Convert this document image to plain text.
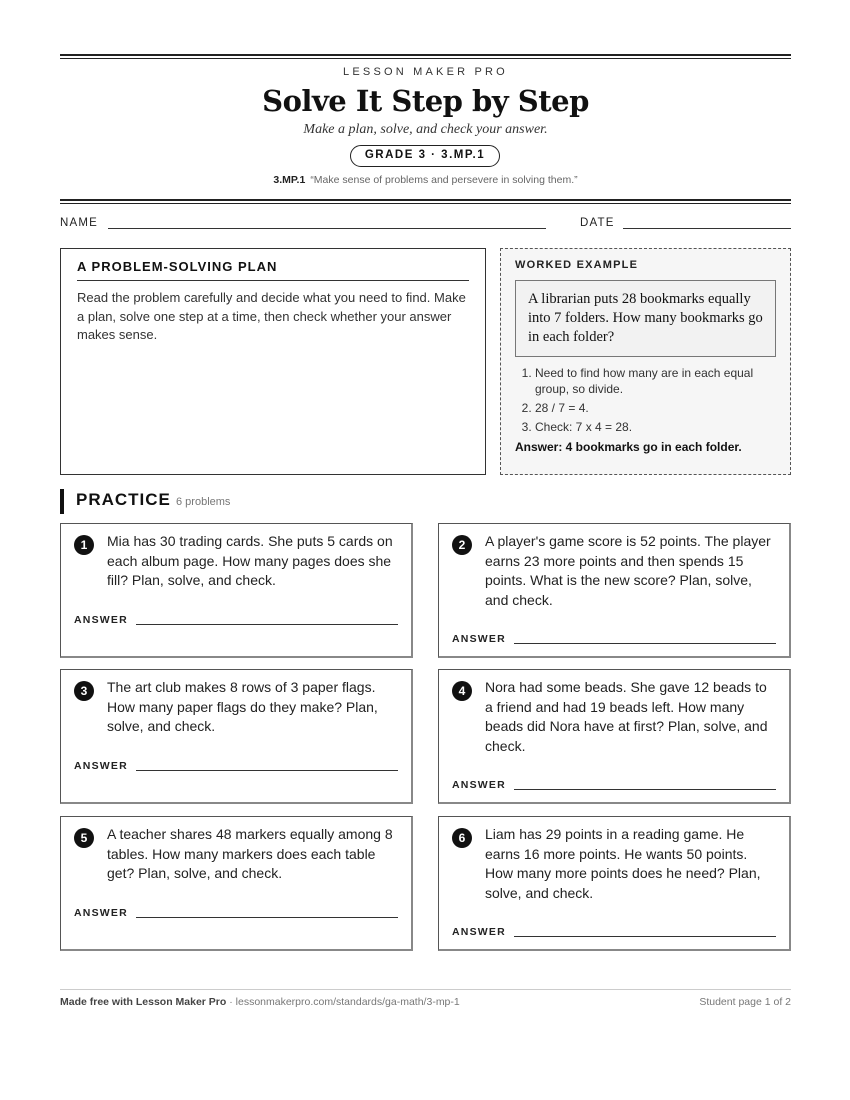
LESSON MAKER PRO
Solve It Step by Step
Make a plan, solve, and check your answer.
GRADE 3 · 3.MP.1
3.MP.1 “Make sense of problems and persevere in solving them.”
NAME	DATE
A PROBLEM-SOLVING PLAN
Read the problem carefully and decide what you need to find. Make a plan, solve one step at a time, then check whether your answer makes sense.
WORKED EXAMPLE
A librarian puts 28 bookmarks equally into 7 folders. How many bookmarks go in each folder?
1. Need to find how many are in each equal group, so divide.
2. 28 / 7 = 4.
3. Check: 7 x 4 = 28.
Answer: 4 bookmarks go in each folder.
PRACTICE 6 problems
1	Mia has 30 trading cards. She puts 5 cards on each album page. How many pages does she fill? Plan, solve, and check.
ANSWER
2	A player's game score is 52 points. The player earns 23 more points and then spends 15 points. What is the new score? Plan, solve, and check.
ANSWER
3	The art club makes 8 rows of 3 paper flags. How many paper flags do they make? Plan, solve, and check.
ANSWER
4	Nora had some beads. She gave 12 beads to a friend and had 19 beads left. How many beads did Nora have at first? Plan, solve, and check.
ANSWER
5	A teacher shares 48 markers equally among 8 tables. How many markers does each table get? Plan, solve, and check.
ANSWER
6	Liam has 29 points in a reading game. He earns 16 more points. He wants 50 points. How many more points does he need? Plan, solve, and check.
ANSWER
Made free with Lesson Maker Pro · lessonmakerpro.com/standards/ga-math/3-mp-1	Student page 1 of 2
